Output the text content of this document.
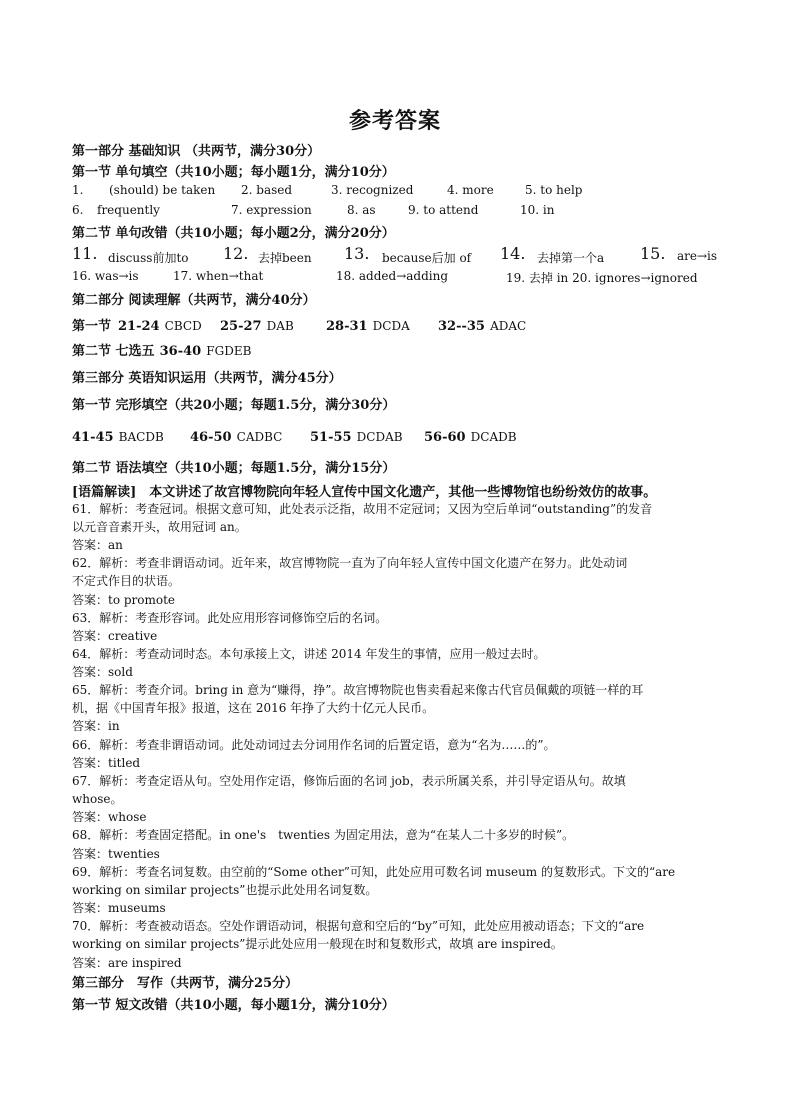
参考答案
第一部分 基础知识 （共两节，满分30分）
第一节 单句填空（共10小题；每小题1分，满分10分）
1. (should) be taken 2. based	3. recognized	4. more	5. to help
6. frequently	7. expression	8. as	9. to attend	10. in
第二节 单句改错（共10小题；每小题2分，满分20分）
11. discuss前加to 12. 去掉been 13. because后加 of 14. 去掉第一个a 15. are→is
16. was→is	17. when→that	18. added→adding	19. 去掉 in 20. ignores→ignored
第二部分 阅读理解（共两节，满分40分）
第一节 21-24 CBCD 25-27 DAB 28-31 DCDA 32--35 ADAC
第二节 七选五 36-40 FGDEB
第三部分 英语知识运用（共两节，满分45分）
第一节 完形填空（共20小题；每题1.5分，满分30分）
41-45 BACDB 46-50 CADBC 51-55 DCDAB 56-60 DCADB
第二节 语法填空（共10小题；每题1.5分，满分15分）
[语篇解读]　本文讲述了故宫博物院向年轻人宣传中国文化遗产，其他一些博物馆也纷纷效仿的故事。
61．解析：考查冠词。根据文意可知，此处表示泛指，故用不定冠词；又因为空后单词“outstanding”的发音
以元音音素开头，故用冠词 an。
答案：an
62．解析：考查非谓语动词。近年来，故宫博物院一直为了向年轻人宣传中国文化遗产在努力。此处动词
不定式作目的状语。
答案：to promote
63．解析：考查形容词。此处应用形容词修饰空后的名词。
答案：creative
64．解析：考查动词时态。本句承接上文，讲述 2014 年发生的事情，应用一般过去时。
答案：sold
65．解析：考查介词。bring in 意为“赚得，挣”。故宫博物院也售卖看起来像古代官员佩戴的项链一样的耳
机，据《中国青年报》报道，这在 2016 年挣了大约十亿元人民币。
答案：in
66．解析：考查非谓语动词。此处动词过去分词用作名词的后置定语，意为“名为……的”。
答案：titled
67．解析：考查定语从句。空处用作定语，修饰后面的名词 job，表示所属关系，并引导定语从句。故填
whose。
答案：whose
68．解析：考查固定搭配。in one's　twenties 为固定用法，意为“在某人二十多岁的时候”。
答案：twenties
69．解析：考查名词复数。由空前的“Some other”可知，此处应用可数名词 museum 的复数形式。下文的“are
working on similar projects”也提示此处用名词复数。
答案：museums
70．解析：考查被动语态。空处作谓语动词，根据句意和空后的“by”可知，此处应用被动语态；下文的“are
working on similar projects”提示此处应用一般现在时和复数形式，故填 are inspired。
答案：are inspired
第三部分　写作（共两节，满分25分）
第一节 短文改错（共10小题，每小题1分，满分10分）
